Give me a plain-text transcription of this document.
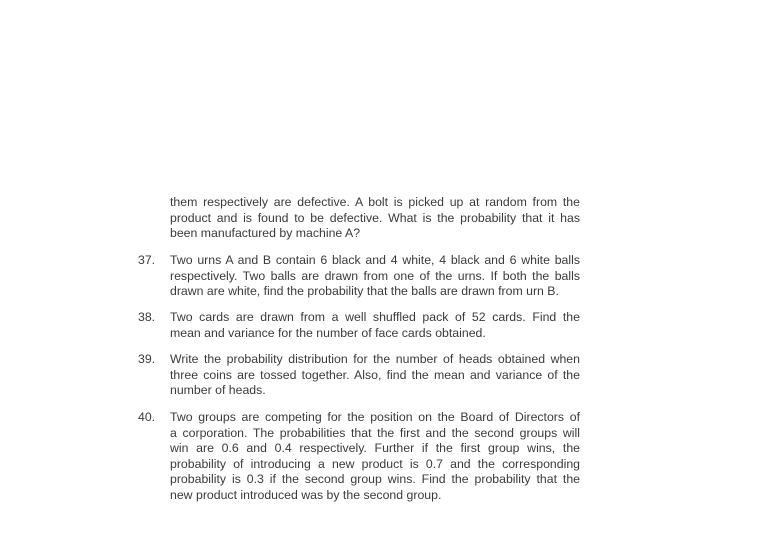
them respectively are defective. A bolt is picked up at random from the
product and is found to be defective. What is the probability that it has
been manufactured by machine A?
37. Two urns A and B contain 6 black and 4 white, 4 black and 6 white balls
respectively. Two balls are drawn from one of the urns. If both the balls
drawn are white, find the probability that the balls are drawn from urn B.
38. Two cards are drawn from a well shuffled pack of 52 cards. Find the
mean and variance for the number of face cards obtained.
39. Write the probability distribution for the number of heads obtained when
three coins are tossed together. Also, find the mean and variance of the
number of heads.
40. Two groups are competing for the position on the Board of Directors of
a corporation. The probabilities that the first and the second groups will
win are 0.6 and 0.4 respectively. Further if the first group wins, the
probability of introducing a new product is 0.7 and the corresponding
probability is 0.3 if the second group wins. Find the probability that the
new product introduced was by the second group.
